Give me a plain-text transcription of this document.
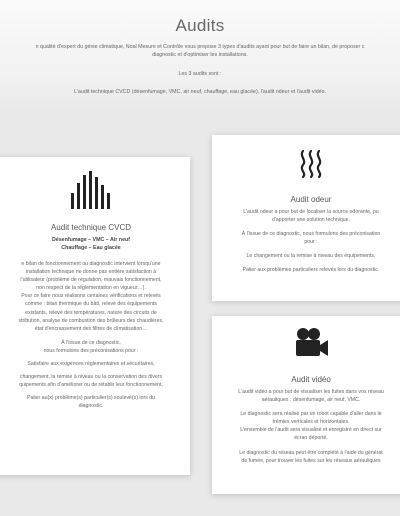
Audits

n qualité d'expert du génie climatique, Noal Mesure et Contrôle vous propose 3 types d'audits ayant pour but de faire un bilan, de proposer c

diagnostic et d'optimiser les installations.

Les 3 audits sont :

L'audit technique CVCD (désenfumage, VMC, air neuf, chauffage, eau glacée), l'audit odeur et l'audit vidéo.

Audit technique CVCD

Désenfumage – VMC – Air neuf

Chauffage – Eau glacée

e bilan de fonctionnement ou diagnostic intervient lorsqu'une

installation technique ne donne pas entière satisfaction à

l'utilisateur (problème de régulation, mauvais fonctionnement,

non respect de la réglementation en vigueur…).

Pour ce faire nous réalisons certaines vérifications et relevés

comme : bilan thermique du bâti, relevé des équipements

existants, relevé des températures, nature des circuits de

stribution, analyse de combustion des brûleurs des chaudières,

état d'encrassement des filtres de climatisation…

À l'issue de ce diagnostic,

nous formulons des préconisations pour :

Satisfaire aux exigences réglementaires et sécuritaires,

changement, la remise à niveau ou la conservation des divers

quipements afin d'améliorer ou de rétablir leur fonctionnement,

Palier au(x) problème(s) particulier(s) soulevé(s) lors du

diagnostic.

Audit odeur

L'audit odeur a pour but de localiser la source odorante, pu

d'apporter une solution technique.

À l'issue de ce diagnostic, nous formulons des préconisation

pour :

Le changement ou la remise à niveau des équipements,

Palier aux problèmes particuliers relevés lors du diagnostic.

Audit vidéo

L'audit vidéo a pour but de visualiser les fuites dans vos réseau

aérauliques : désenfumage, air neuf, VMC.

Le diagnostic sera réalisé par un robot capable d'aller dans le

trémies verticales et horizontales.

L'ensemble de l'audit sera visualisé et enregistré en direct sur

écran déporté.

Le diagnostic du réseau peut être complété à l'aide du générat

de fumée, pour trouver les fuites sur les réseaux aérauliques
